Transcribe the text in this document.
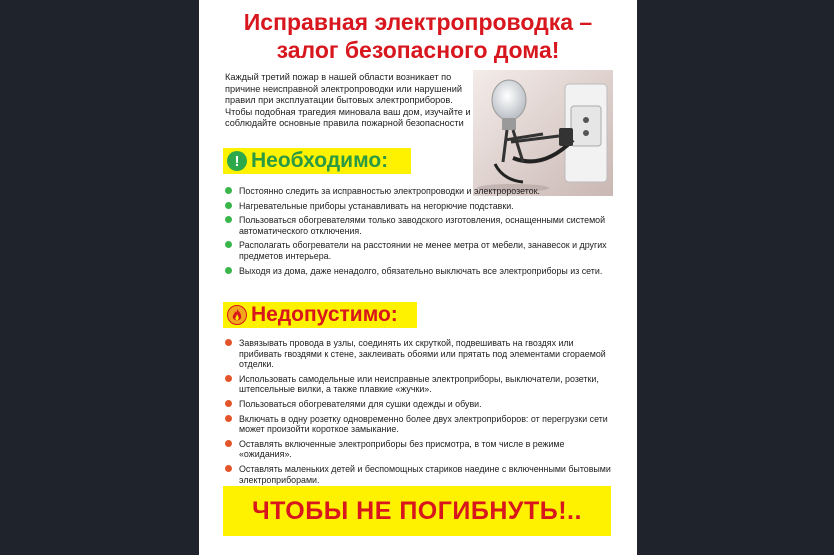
Исправная электропроводка –
залог безопасного дома!
Каждый третий пожар в нашей области возникает по причине неисправной электропроводки или нарушений правил при эксплуатации бытовых электроприборов. Чтобы подобная трагедия миновала ваш дом, изучайте и соблюдайте основные правила пожарной безопасности
! Необходимо:
Постоянно следить за исправностью электропроводки и электророзеток.
Нагревательные приборы устанавливать на негорючие подставки.
Пользоваться обогревателями только заводского изготовления, оснащенными системой автоматического отключения.
Располагать обогреватели на расстоянии не менее метра от мебели, занавесок и других предметов интерьера.
Выходя из дома, даже ненадолго, обязательно выключать все электроприборы из сети.
Недопустимо:
Завязывать провода в узлы, соединять их скруткой, подвешивать на гвоздях или прибивать гвоздями к стене, заклеивать обоями или прятать под элементами сгораемой отделки.
Использовать самодельные или неисправные электроприборы, выключатели, розетки, штепсельные вилки, а также плавкие «жучки».
Пользоваться обогревателями для сушки одежды и обуви.
Включать в одну розетку одновременно более двух электроприборов: от перегрузки сети может произойти короткое замыкание.
Оставлять включенные электроприборы без присмотра, в том числе в режиме «ожидания».
Оставлять маленьких детей и беспомощных стариков наедине с включенными бытовыми электроприборами.
ЧТОБЫ НЕ ПОГИБНУТЬ!..
